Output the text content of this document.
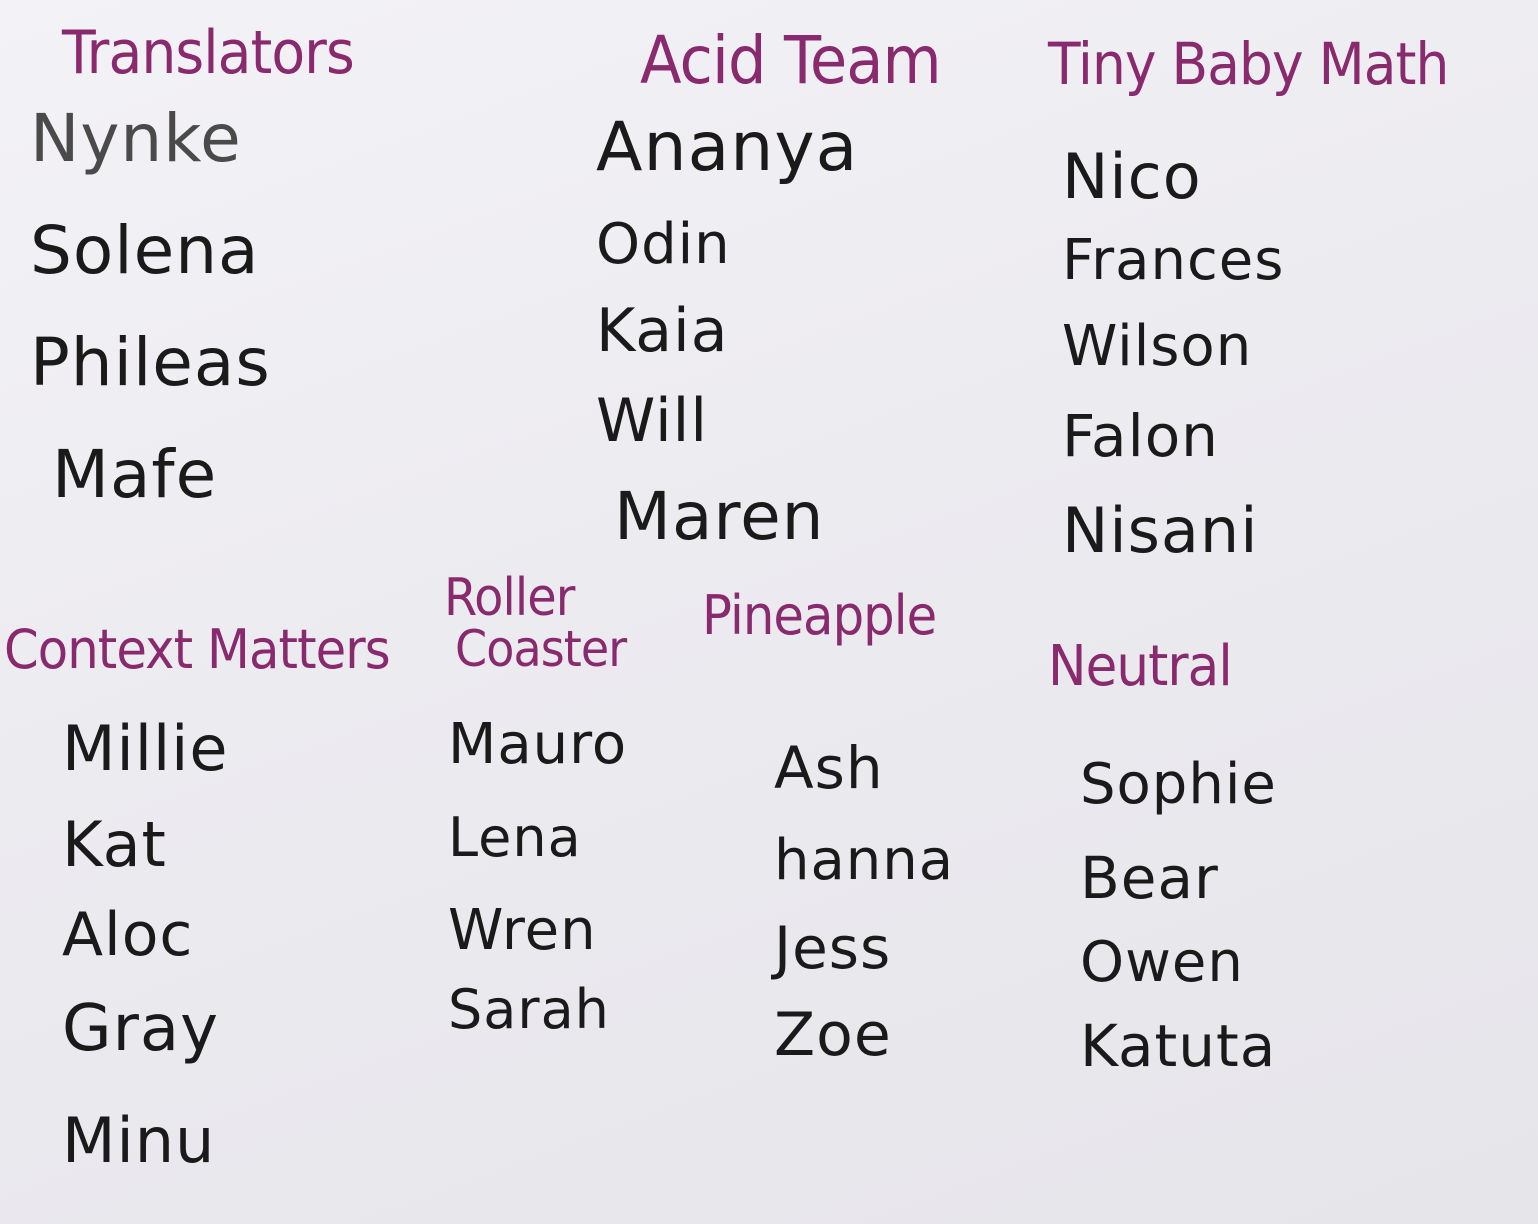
Translators
Nynke
Solena
Phileas
Mafe
Acid Team
Ananya
Odin
Kaia
Will
Maren
Tiny Baby Math
Nico
Frances
Wilson
Falon
Nisani
Context Matters
Millie
Kat
Aloc
Gray
Minu
Roller
Coaster
Mauro
Lena
Wren
Sarah
Pineapple
Ash
hanna
Jess
Zoe
Neutral
Sophie
Bear
Owen
Katuta
